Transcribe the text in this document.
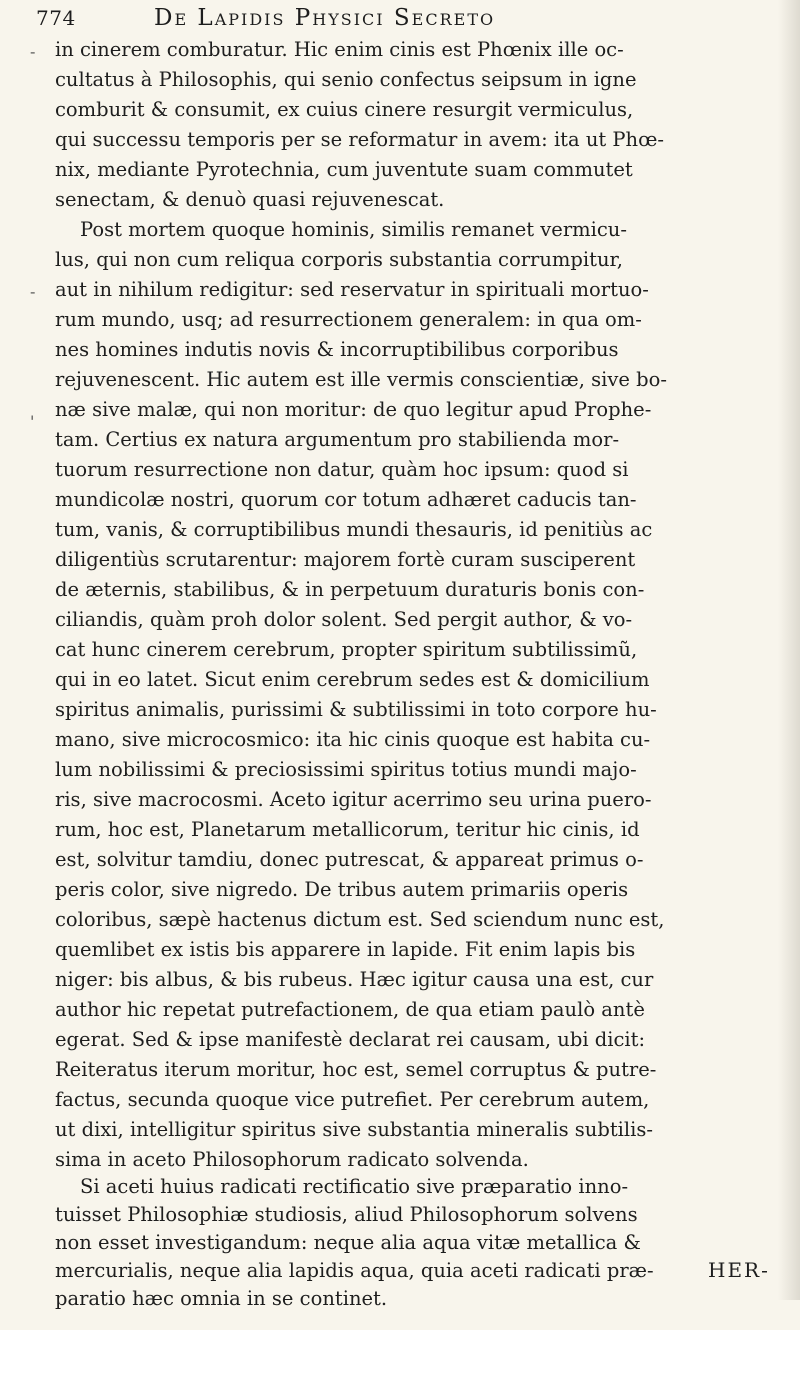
774	De Lapidis Physici Secreto
in cinerem comburatur. Hic enim cinis est Phœnix ille oc-
cultatus à Philosophis, qui senio confectus seipsum in igne
comburit & consumit, ex cuius cinere resurgit vermiculus,
qui successu temporis per se reformatur in avem: ita ut Phœ-
nix, mediante Pyrotechnia, cum juventute suam commutet
senectam, & denuò quasi rejuvenescat.
Post mortem quoque hominis, similis remanet vermicu-
lus, qui non cum reliqua corporis substantia corrumpitur,
aut in nihilum redigitur: sed reservatur in spirituali mortuo-
rum mundo, usq; ad resurrectionem generalem: in qua om-
nes homines indutis novis & incorruptibilibus corporibus
rejuvenescent. Hic autem est ille vermis conscientiæ, sive bo-
næ sive malæ, qui non moritur: de quo legitur apud Prophe-
tam. Certius ex natura argumentum pro stabilienda mor-
tuorum resurrectione non datur, quàm hoc ipsum: quod si
mundicolæ nostri, quorum cor totum adhæret caducis tan-
tum, vanis, & corruptibilibus mundi thesauris, id penitiùs ac
diligentiùs scrutarentur: majorem fortè curam susciperent
de æternis, stabilibus, & in perpetuum duraturis bonis con-
ciliandis, quàm proh dolor solent. Sed pergit author, & vo-
cat hunc cinerem cerebrum, propter spiritum subtilissimũ,
qui in eo latet. Sicut enim cerebrum sedes est & domicilium
spiritus animalis, purissimi & subtilissimi in toto corpore hu-
mano, sive microcosmico: ita hic cinis quoque est habita cu-
lum nobilissimi & preciosissimi spiritus totius mundi majo-
ris, sive macrocosmi. Aceto igitur acerrimo seu urina puero-
rum, hoc est, Planetarum metallicorum, teritur hic cinis, id
est, solvitur tamdiu, donec putrescat, & appareat primus o-
peris color, sive nigredo. De tribus autem primariis operis
coloribus, sæpè hactenus dictum est. Sed sciendum nunc est,
quemlibet ex istis bis apparere in lapide. Fit enim lapis bis
niger: bis albus, & bis rubeus. Hæc igitur causa una est, cur
author hic repetat putrefactionem, de qua etiam paulò antè
egerat. Sed & ipse manifestè declarat rei causam, ubi dicit:
Reiteratus iterum moritur, hoc est, semel corruptus & putre-
factus, secunda quoque vice putrefiet. Per cerebrum autem,
ut dixi, intelligitur spiritus sive substantia mineralis subtilis-
sima in aceto Philosophorum radicato solvenda.
Si aceti huius radicati rectificatio sive præparatio inno-
tuisset Philosophiæ studiosis, aliud Philosophorum solvens
non esset investigandum: neque alia aqua vitæ metallica &
mercurialis, neque alia lapidis aqua, quia aceti radicati præ-
paratio hæc omnia in se continet.
-
-
'
HER-
